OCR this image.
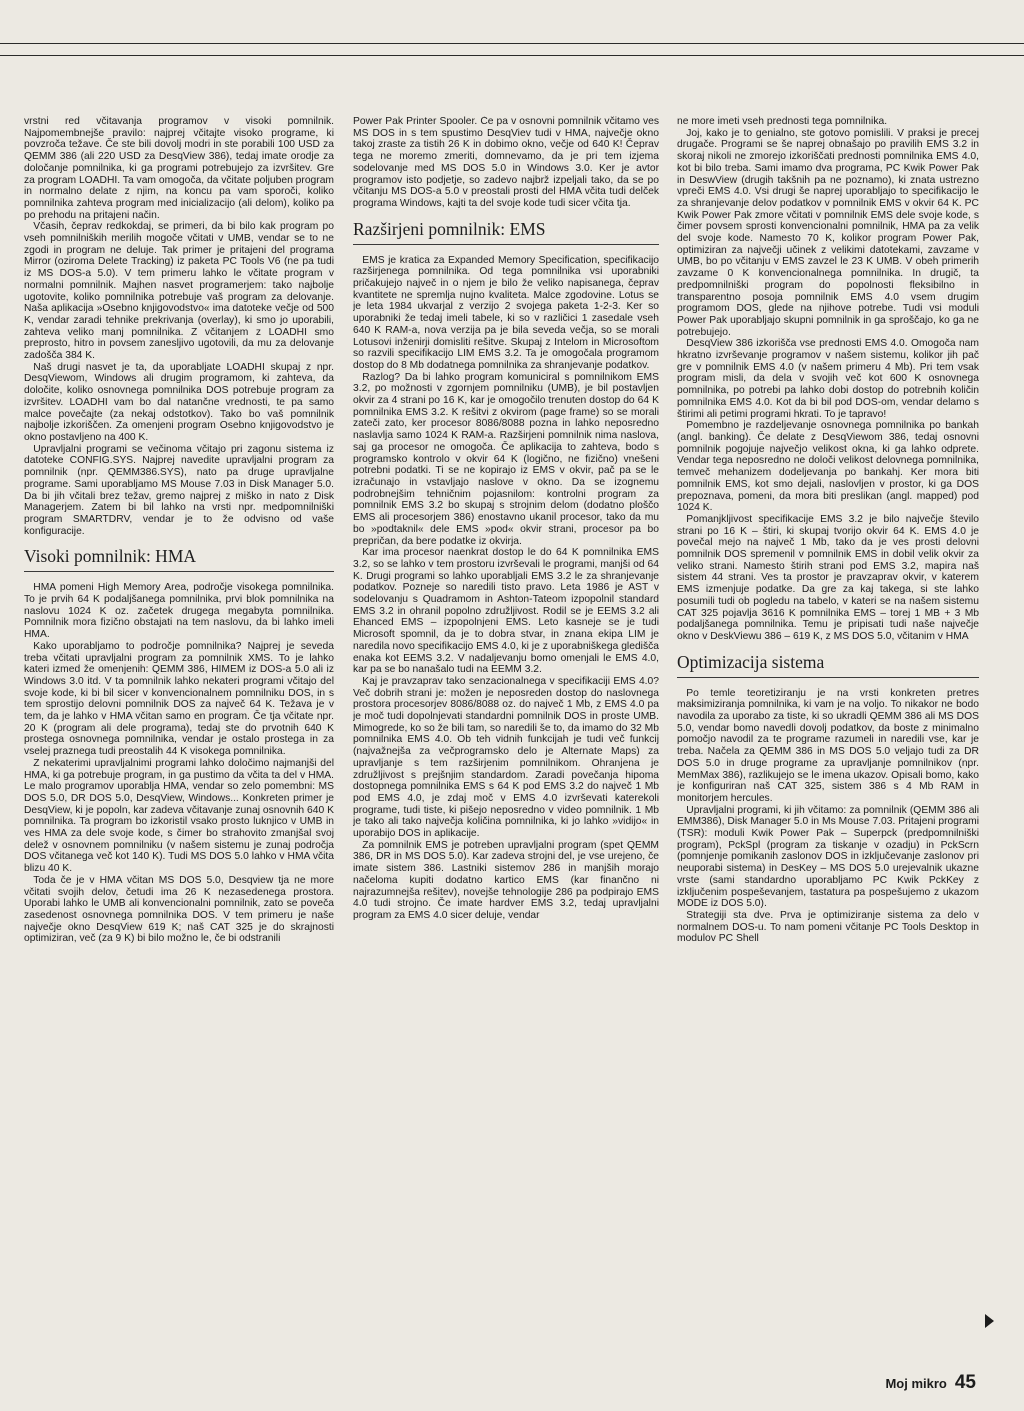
vrstni red včitavanja programov v visoki pomnilnik. Najpomembnejše pravilo: najprej včitajte visoko programe, ki povzroča težave. Če ste bili dovolj modri in ste porabili 100 USD za QEMM 386 (ali 220 USD za DesqView 386), tedaj imate orodje za določanje pomnilnika, ki ga programi potrebujejo za izvršitev. Gre za program LOADHI. Ta vam omogoča, da včitate poljuben program in normalno delate z njim, na koncu pa vam sporoči, koliko pomnilnika zahteva program med inicializacijo (ali delom), koliko pa po prehodu na pritajeni način.

Včasih, čeprav redkokdaj, se primeri, da bi bilo kak program po vseh pomnilniških merilih mogoče včitati v UMB, vendar se to ne zgodi in program ne deluje. Tak primer je pritajeni del programa Mirror (oziroma Delete Tracking) iz paketa PC Tools V6 (ne pa tudi iz MS DOS-a 5.0). V tem primeru lahko le včitate program v normalni pomnilnik. Majhen nasvet programerjem: tako najbolje ugotovite, koliko pomnilnika potrebuje vaš program za delovanje. Naša aplikacija »Osebno knjigovodstvo« ima datoteke večje od 500 K, vendar zaradi tehnike prekrivanja (overlay), ki smo jo uporabili, zahteva veliko manj pomnilnika. Z včitanjem z LOADHI smo preprosto, hitro in povsem zanesljivo ugotovili, da mu za delovanje zadošča 384 K.

Naš drugi nasvet je ta, da uporabljate LOADHI skupaj z npr. DesqViewom, Windows ali drugim programom, ki zahteva, da določite, koliko osnovnega pomnilnika DOS potrebuje program za izvršitev. LOADHI vam bo dal natančne vrednosti, te pa samo malce povečajte (za nekaj odstotkov). Tako bo vaš pomnilnik najbolje izkoriščen. Za omenjeni program Osebno knjigovodstvo je okno postavljeno na 400 K.

Upravljalni programi se večinoma včitajo pri zagonu sistema iz datoteke CONFIG.SYS. Najprej navedite upravljalni program za pomnilnik (npr. QEMM386.SYS), nato pa druge upravljalne programe. Sami uporabljamo MS Mouse 7.03 in Disk Manager 5.0. Da bi jih včitali brez težav, gremo najprej z miško in nato z Disk Managerjem. Zatem bi bil lahko na vrsti npr. medpomnilniški program SMARTDRV, vendar je to že odvisno od vaše konfiguracije.

Visoki pomnilnik: HMA

HMA pomeni High Memory Area, področje visokega pomnilnika. To je prvih 64 K podaljšanega pomnilnika, prvi blok pomnilnika na naslovu 1024 K oz. začetek drugega megabyta pomnilnika. Pomnilnik mora fizično obstajati na tem naslovu, da bi lahko imeli HMA.

Kako uporabljamo to področje pomnilnika? Najprej je seveda treba včitati upravljalni program za pomnilnik XMS. To je lahko kateri izmed že omenjenih: QEMM 386, HIMEM iz DOS-a 5.0 ali iz Windows 3.0 itd. V ta pomnilnik lahko nekateri programi včitajo del svoje kode, ki bi bil sicer v konvencionalnem pomnilniku DOS, in s tem sprostijo delovni pomnilnik DOS za največ 64 K. Težava je v tem, da je lahko v HMA včitan samo en program. Če tja včitate npr. 20 K (program ali dele programa), tedaj ste do prvotnih 640 K prostega osnovnega pomnilnika, vendar je ostalo prostega in za vselej praznega tudi preostalih 44 K visokega pomnilnika.

Z nekaterimi upravljalnimi programi lahko določimo najmanjši del HMA, ki ga potrebuje program, in ga pustimo da včita ta del v HMA. Le malo programov uporablja HMA, vendar so zelo pomembni: MS DOS 5.0, DR DOS 5.0, DesqView, Windows... Konkreten primer je DesqView, ki je popoln, kar zadeva včitavanje zunaj osnovnih 640 K pomnilnika. Ta program bo izkoristil vsako prosto luknjico v UMB in ves HMA za dele svoje kode, s čimer bo strahovito zmanjšal svoj delež v osnovnem pomnilniku (v našem sistemu je zunaj področja DOS včitanega več kot 140 K). Tudi MS DOS 5.0 lahko v HMA včita blizu 40 K.

Toda če je v HMA včitan MS DOS 5.0, Desqview tja ne more včitati svojih delov, četudi ima 26 K nezasedenega prostora. Uporabi lahko le UMB ali konvencionalni pomnilnik, zato se poveča zasedenost osnovnega pomnilnika DOS. V tem primeru je naše največje okno DesqView 619 K; naš CAT 325 je do skrajnosti optimiziran, več (za 9 K) bi bilo možno le, če bi odstranili

Power Pak Printer Spooler. Če pa v osnovni pomnilnik včitamo ves MS DOS in s tem spustimo DesqViev tudi v HMA, največje okno takoj zraste za tistih 26 K in dobimo okno, večje od 640 K! Čeprav tega ne moremo zmeriti, domnevamo, da je pri tem izjema sodelovanje med MS DOS 5.0 in Windows 3.0. Ker je avtor programov isto podjetje, so zadevo najbrž izpeljali tako, da se po včitanju MS DOS-a 5.0 v preostali prosti del HMA včita tudi delček programa Windows, kajti ta del svoje kode tudi sicer včita tja.

Razširjeni pomnilnik: EMS

EMS je kratica za Expanded Memory Specification, specifikacijo razširjenega pomnilnika. Od tega pomnilnika vsi uporabniki pričakujejo največ in o njem je bilo že veliko napisanega, čeprav kvantitete ne spremlja nujno kvaliteta. Malce zgodovine. Lotus se je leta 1984 ukvarjal z verzijo 2 svojega paketa 1-2-3. Ker so uporabniki že tedaj imeli tabele, ki so v različici 1 zasedale vseh 640 K RAM-a, nova verzija pa je bila seveda večja, so se morali Lotusovi inženirji domisliti rešitve. Skupaj z Intelom in Microsoftom so razvili specifikacijo LIM EMS 3.2. Ta je omogočala programom dostop do 8 Mb dodatnega pomnilnika za shranjevanje podatkov.

Razlog? Da bi lahko program komuniciral s pomnilnikom EMS 3.2, po možnosti v zgornjem pomnilniku (UMB), je bil postavljen okvir za 4 strani po 16 K, kar je omogočilo trenuten dostop do 64 K pomnilnika EMS 3.2. K rešitvi z okvirom (page frame) so se morali zateči zato, ker procesor 8086/8088 pozna in lahko neposredno naslavlja samo 1024 K RAM-a. Razširjeni pomnilnik nima naslova, saj ga procesor ne omogoča. Če aplikacija to zahteva, bodo s programsko kontrolo v okvir 64 K (logično, ne fizično) vnešeni potrebni podatki. Ti se ne kopirajo iz EMS v okvir, pač pa se le izračunajo in vstavljajo naslove v okno. Da se izognemu podrobnejšim tehničnim pojasnilom: kontrolni program za pomnilnik EMS 3.2 bo skupaj s strojnim delom (dodatno ploščo EMS ali procesorjem 386) enostavno ukanil procesor, tako da mu bo »podtaknil« dele EMS »pod« okvir strani, procesor pa bo prepričan, da bere podatke iz okvirja.

Kar ima procesor naenkrat dostop le do 64 K pomnilnika EMS 3.2, so se lahko v tem prostoru izvrševali le programi, manjši od 64 K. Drugi programi so lahko uporabljali EMS 3.2 le za shranjevanje podatkov. Pozneje so naredili tisto pravo. Leta 1986 je AST v sodelovanju s Quadramom in Ashton-Tateom izpopolnil standard EMS 3.2 in ohranil popolno združljivost. Rodil se je EEMS 3.2 ali Ehanced EMS – izpopolnjeni EMS. Leto kasneje se je tudi Microsoft spomnil, da je to dobra stvar, in znana ekipa LIM je naredila novo specifikacijo EMS 4.0, ki je z uporabniškega gledišča enaka kot EEMS 3.2. V nadaljevanju bomo omenjali le EMS 4.0, kar pa se bo nanašalo tudi na EEMM 3.2.

Kaj je pravzaprav tako senzacionalnega v specifikaciji EMS 4.0? Več dobrih strani je: možen je neposreden dostop do naslovnega prostora procesorjev 8086/8088 oz. do največ 1 Mb, z EMS 4.0 pa je moč tudi dopolnjevati standardni pomnilnik DOS in proste UMB. Mimogrede, ko so že bili tam, so naredili še to, da imamo do 32 Mb pomnilnika EMS 4.0. Ob teh vidnih funkcijah je tudi več funkcij (najvažnejša za večprogramsko delo je Alternate Maps) za upravljanje s tem razširjenim pomnilnikom. Ohranjena je združljivost s prejšnjim standardom. Zaradi povečanja hipoma dostopnega pomnilnika EMS s 64 K pod EMS 3.2 do največ 1 Mb pod EMS 4.0, je zdaj moč v EMS 4.0 izvrševati katerekoli programe, tudi tiste, ki pišejo neposredno v video pomnilnik. 1 Mb je tako ali tako največja količina pomnilnika, ki jo lahko »vidijo« in uporabijo DOS in aplikacije.

Za pomnilnik EMS je potreben upravljalni program (spet QEMM 386, DR in MS DOS 5.0). Kar zadeva strojni del, je vse urejeno, če imate sistem 386. Lastniki sistemov 286 in manjših morajo načeloma kupiti dodatno kartico EMS (kar finančno ni najrazumnejša rešitev), novejše tehnologije 286 pa podpirajo EMS 4.0 tudi strojno. Če imate hardver EMS 3.2, tedaj upravljalni program za EMS 4.0 sicer deluje, vendar

ne more imeti vseh prednosti tega pomnilnika.

Joj, kako je to genialno, ste gotovo pomislili. V praksi je precej drugače. Programi se še naprej obnašajo po pravilih EMS 3.2 in skoraj nikoli ne zmorejo izkoriščati prednosti pomnilnika EMS 4.0, kot bi bilo treba. Sami imamo dva programa, PC Kwik Power Pak in DeswView (drugih takšnih pa ne poznamo), ki znata ustrezno vpreči EMS 4.0. Vsi drugi še naprej uporabljajo to specifikacijo le za shranjevanje delov podatkov v pomnilnik EMS v okvir 64 K. PC Kwik Power Pak zmore včitati v pomnilnik EMS dele svoje kode, s čimer povsem sprosti konvencionalni pomnilnik, HMA pa za velik del svoje kode. Namesto 70 K, kolikor program Power Pak, optimiziran za največji učinek z velikimi datotekami, zavzame v UMB, bo po včitanju v EMS zavzel le 23 K UMB. V obeh primerih zavzame 0 K konvencionalnega pomnilnika. In drugič, ta predpomnilniški program do popolnosti fleksibilno in transparentno posoja pomnilnik EMS 4.0 vsem drugim programom DOS, glede na njihove potrebe. Tudi vsi moduli Power Pak uporabljajo skupni pomnilnik in ga sproščajo, ko ga ne potrebujejo.

DesqView 386 izkorišča vse prednosti EMS 4.0. Omogoča nam hkratno izvrševanje programov v našem sistemu, kolikor jih pač gre v pomnilnik EMS 4.0 (v našem primeru 4 Mb). Pri tem vsak program misli, da dela v svojih več kot 600 K osnovnega pomnilnika, po potrebi pa lahko dobi dostop do potrebnih količin pomnilnika EMS 4.0. Kot da bi bil pod DOS-om, vendar delamo s štirimi ali petimi programi hkrati. To je tapravo!

Pomembno je razdeljevanje osnovnega pomnilnika po bankah (angl. banking). Če delate z DesqViewom 386, tedaj osnovni pomnilnik pogojuje največjo velikost okna, ki ga lahko odprete. Vendar tega neposredno ne določi velikost delovnega pomnilnika, temveč mehanizem dodeljevanja po bankahj. Ker mora biti pomnilnik EMS, kot smo dejali, naslovljen v prostor, ki ga DOS prepoznava, pomeni, da mora biti preslikan (angl. mapped) pod 1024 K.

Pomanjkljivost specifikacije EMS 3.2 je bilo največje število strani po 16 K – štiri, ki skupaj tvorijo okvir 64 K. EMS 4.0 je povečal mejo na največ 1 Mb, tako da je ves prosti delovni pomnilnik DOS spremenil v pomnilnik EMS in dobil velik okvir za veliko strani. Namesto štirih strani pod EMS 3.2, mapira naš sistem 44 strani. Ves ta prostor je pravzaprav okvir, v katerem EMS izmenjuje podatke. Da gre za kaj takega, si ste lahko posumili tudi ob pogledu na tabelo, v kateri se na našem sistemu CAT 325 pojavlja 3616 K pomnilnika EMS – torej 1 MB + 3 Mb podaljšanega pomnilnika. Temu je pripisati tudi naše največje okno v DeskViewu 386 – 619 K, z MS DOS 5.0, včitanim v HMA

Optimizacija sistema

Po temle teoretiziranju je na vrsti konkreten pretres maksimiziranja pomnilnika, ki vam je na voljo. To nikakor ne bodo navodila za uporabo za tiste, ki so ukradli QEMM 386 ali MS DOS 5.0, vendar bomo navedli dovolj podatkov, da boste z minimalno pomočjo navodil za te programe razumeli in naredili vse, kar je treba. Načela za QEMM 386 in MS DOS 5.0 veljajo tudi za DR DOS 5.0 in druge programe za upravljanje pomnilnikov (npr. MemMax 386), razlikujejo se le imena ukazov. Opisali bomo, kako je konfiguriran naš CAT 325, sistem 386 s 4 Mb RAM in monitorjem hercules.

Upravljalni programi, ki jih včitamo: za pomnilnik (QEMM 386 ali EMM386), Disk Manager 5.0 in Ms Mouse 7.03. Pritajeni programi (TSR): moduli Kwik Power Pak – Superpck (predpomnilniški program), PckSpl (program za tiskanje v ozadju) in PckScrn (pomnjenje pomikanih zaslonov DOS in izključevanje zaslonov pri neuporabi sistema) in DesKey – MS DOS 5.0 urejevalnik ukazne vrste (sami standardno uporabljamo PC Kwik PckKey z izključenim pospeševanjem, tastatura pa pospešujemo z ukazom MODE iz DOS 5.0).

Strategiji sta dve. Prva je optimiziranje sistema za delo v normalnem DOS-u. To nam pomeni včitanje PC Tools Desktop in modulov PC Shell

Moj mikro 45
